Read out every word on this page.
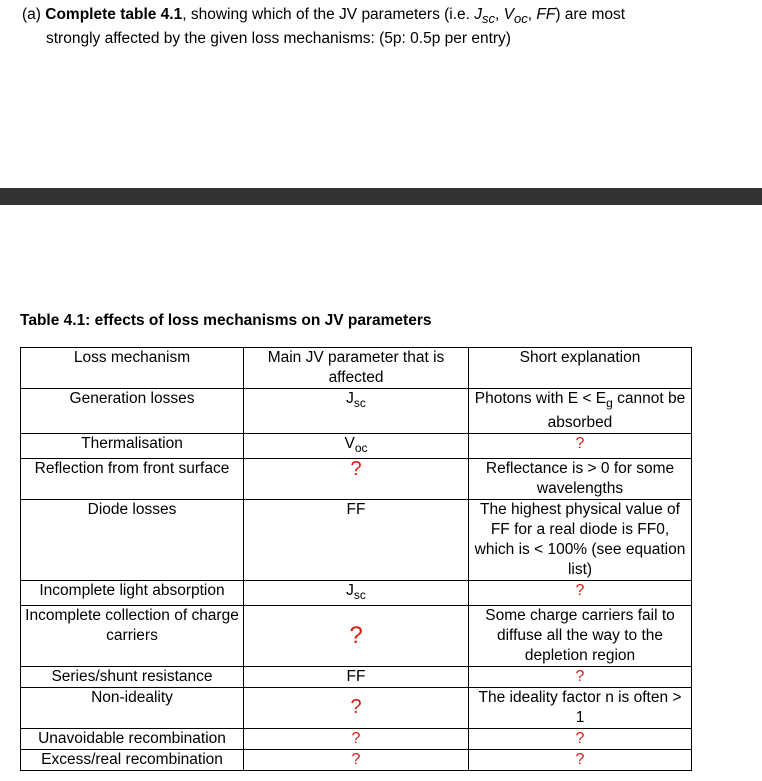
(a) Complete table 4.1, showing which of the JV parameters (i.e. $J_{sc}$, $V_{oc}$, FF) are most
strongly affected by the given loss mechanisms: (5p: 0.5p per entry)
Table 4.1: effects of loss mechanisms on JV parameters
Loss mechanism	Main JV parameter that is affected	Short explanation
Generation losses	$J_{sc}$	Photons with $E < E_g$ cannot be absorbed
Thermalisation	$V_{oc}$	?
Reflection from front surface	?	Reflectance is > 0 for some wavelengths
Diode losses	FF	The highest physical value of FF for a real diode is FF0, which is < 100% (see equation list)
Incomplete light absorption	$J_{sc}$	?
Incomplete collection of charge carriers	?	Some charge carriers fail to diffuse all the way to the depletion region
Series/shunt resistance	FF	?
Non-ideality	?	The ideality factor n is often > 1
Unavoidable recombination	?	?
Excess/real recombination	?	?
